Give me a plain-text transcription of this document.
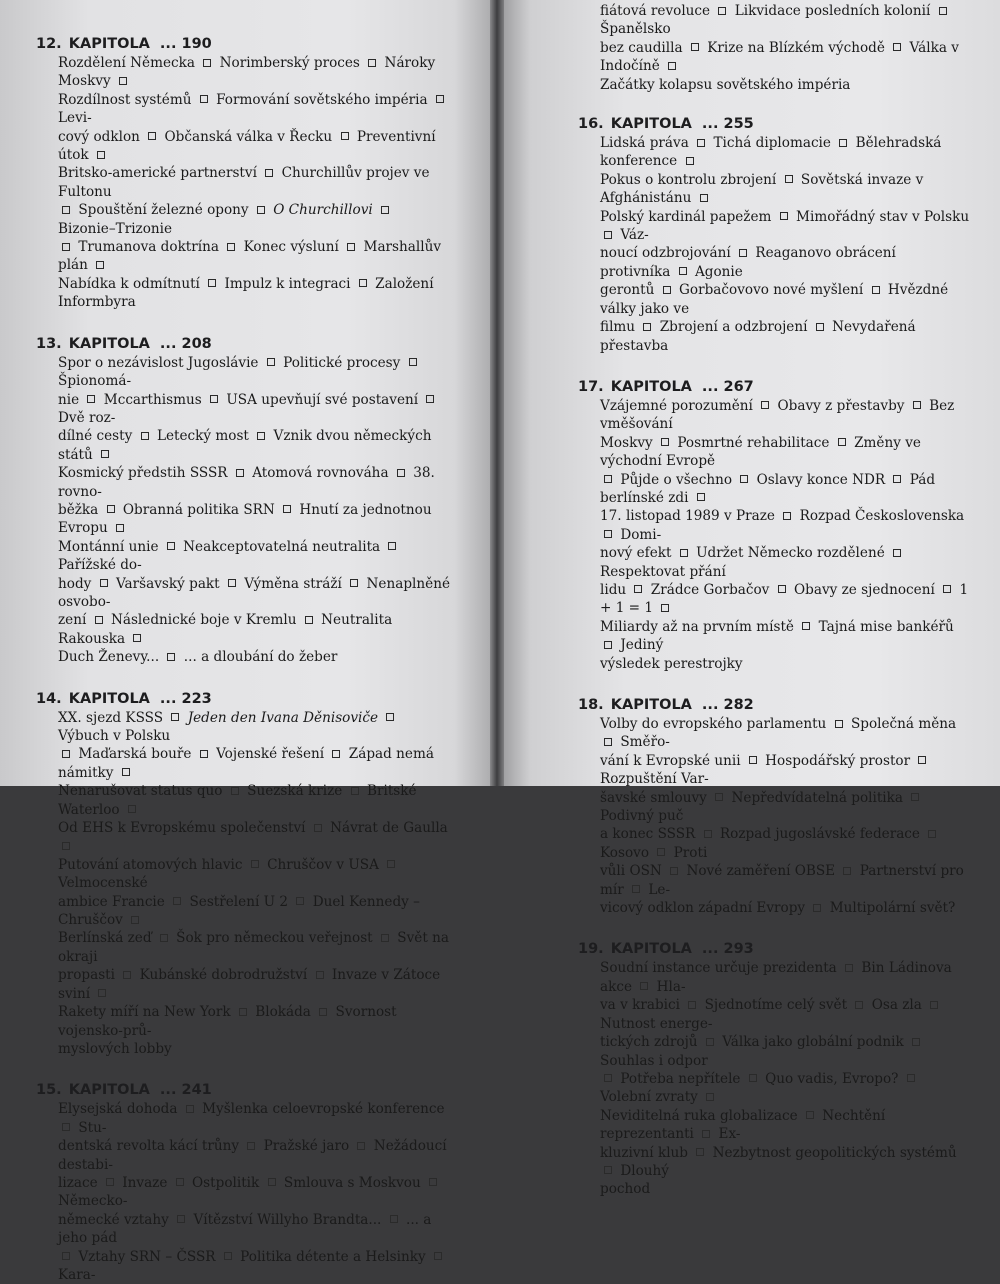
12. KAPITOLA ... 190
Rozdělení Německa  Norimberský proces  Nároky Moskvy
Rozdílnost systémů  Formování sovětského impéria  Levi-
cový odklon  Občanská válka v Řecku  Preventivní útok
Britsko-americké partnerství  Churchillův projev ve Fultonu
Spouštění železné opony  O Churchillovi  Bizonie–Trizonie
Trumanova doktrína  Konec výsluní  Marshallův plán
Nabídka k odmítnutí  Impulz k integraci  Založení Informbyra
13. KAPITOLA ... 208
Spor o nezávislost Jugoslávie  Politické procesy  Špionomá-
nie  Mccarthismus  USA upevňují své postavení  Dvě roz-
dílné cesty  Letecký most  Vznik dvou německých států
Kosmický předstih SSSR  Atomová rovnováha  38. rovno-
běžka  Obranná politika SRN  Hnutí za jednotnou Evropu
Montánní unie  Neakceptovatelná neutralita  Pařížské do-
hody  Varšavský pakt  Výměna stráží  Nenaplněné osvobo-
zení  Následnické boje v Kremlu  Neutralita Rakouska
Duch Ženevy...  ... a dloubání do žeber
14. KAPITOLA ... 223
XX. sjezd KSSS  Jeden den Ivana Děnisoviče  Výbuch v Polsku
Maďarská bouře  Vojenské řešení  Západ nemá námitky
Nenarušovat status quo  Suezská krize  Britské Waterloo
Od EHS k Evropskému společenství  Návrat de Gaulla
Putování atomových hlavic  Chruščov v USA  Velmocenské
ambice Francie  Sestřelení U 2  Duel Kennedy – Chruščov
Berlínská zeď  Šok pro německou veřejnost  Svět na okraji
propasti  Kubánské dobrodružství  Invaze v Zátoce sviní
Rakety míří na New York  Blokáda  Svornost vojensko-prů-
myslových lobby
15. KAPITOLA ... 241
Elysejská dohoda  Myšlenka celoevropské konference  Stu-
dentská revolta kácí trůny  Pražské jaro  Nežádoucí destabi-
lizace  Invaze  Ostpolitik  Smlouva s Moskvou  Německo-
německé vztahy  Vítězství Willyho Brandta...  ... a jeho pád
Vztahy SRN – ČSSR  Politika détente a Helsinky  Kara-
fiátová revoluce  Likvidace posledních kolonií  Španělsko
bez caudilla  Krize na Blízkém východě  Válka v Indočíně
Začátky kolapsu sovětského impéria
16. KAPITOLA ... 255
Lidská práva  Tichá diplomacie  Bělehradská konference
Pokus o kontrolu zbrojení  Sovětská invaze v Afghánistánu
Polský kardinál papežem  Mimořádný stav v Polsku  Váz-
noucí odzbrojování  Reaganovo obrácení protivníka  Agonie
gerontů  Gorbačovovo nové myšlení  Hvězdné války jako ve
filmu  Zbrojení a odzbrojení  Nevydařená přestavba
17. KAPITOLA ... 267
Vzájemné porozumění  Obavy z přestavby  Bez vměšování
Moskvy  Posmrtné rehabilitace  Změny ve východní Evropě
Půjde o všechno  Oslavy konce NDR  Pád berlínské zdi
17. listopad 1989 v Praze  Rozpad Československa  Domi-
nový efekt  Udržet Německo rozdělené  Respektovat přání
lidu  Zrádce Gorbačov  Obavy ze sjednocení  1 + 1 = 1
Miliardy až na prvním místě  Tajná mise bankéřů  Jediný
výsledek perestrojky
18. KAPITOLA ... 282
Volby do evropského parlamentu  Společná měna  Směřo-
vání k Evropské unii  Hospodářský prostor  Rozpuštění Var-
šavské smlouvy  Nepředvídatelná politika  Podivný puč
a konec SSSR  Rozpad jugoslávské federace  Kosovo  Proti
vůli OSN  Nové zaměření OBSE  Partnerství pro mír  Le-
vicový odklon západní Evropy  Multipolární svět?
19. KAPITOLA ... 293
Soudní instance určuje prezidenta  Bin Ládinova akce  Hla-
va v krabici  Sjednotíme celý svět  Osa zla  Nutnost energe-
tických zdrojů  Válka jako globální podnik  Souhlas i odpor
Potřeba nepřítele  Quo vadis, Evropo?  Volební zvraty
Neviditelná ruka globalizace  Nechtění reprezentanti  Ex-
kluzivní klub  Nezbytnost geopolitických systémů  Dlouhý
pochod
